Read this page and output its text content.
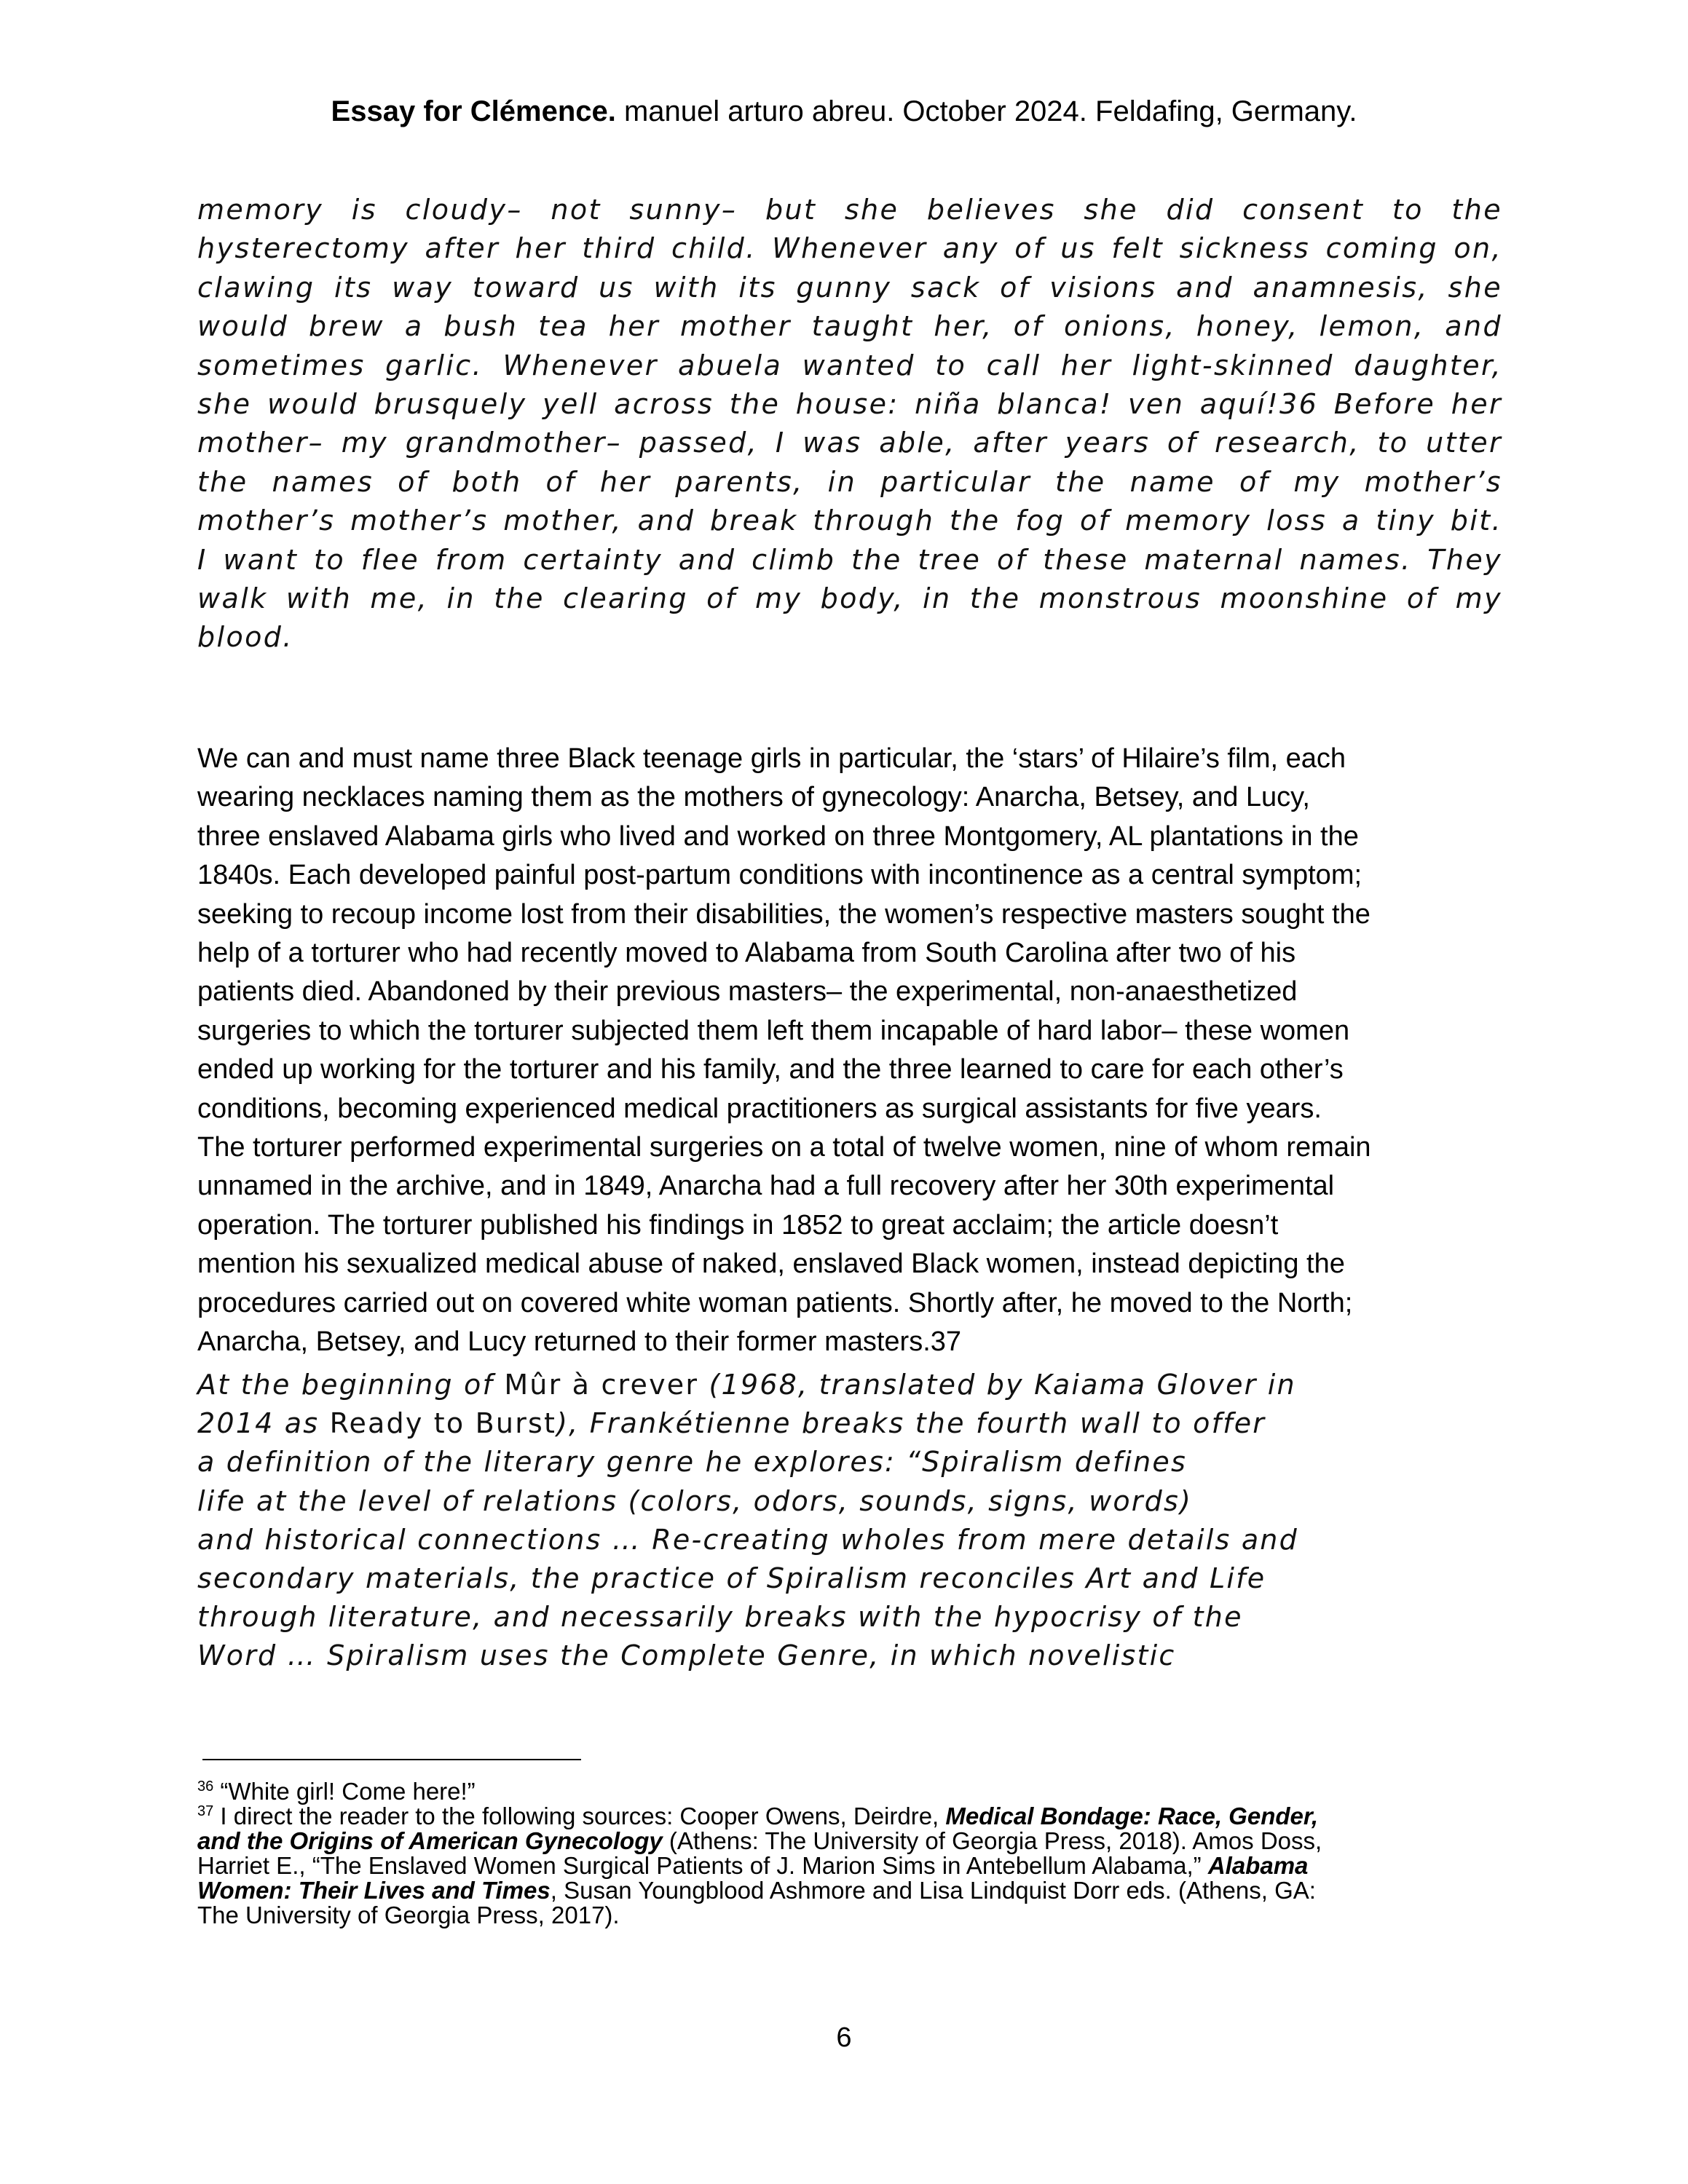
Essay for Clémence. manuel arturo abreu. October 2024. Feldafing, Germany.
memory is cloudy– not sunny– but she believes she did consent to the
hysterectomy after her third child. Whenever any of us felt sickness coming on,
clawing its way toward us with its gunny sack of visions and anamnesis, she
would brew a bush tea her mother taught her, of onions, honey, lemon, and
sometimes garlic. Whenever abuela wanted to call her light-skinned daughter,
she would brusquely yell across the house: niña blanca! ven aquí!36 Before her
mother– my grandmother– passed, I was able, after years of research, to utter
the names of both of her parents, in particular the name of my mother’s
mother’s mother’s mother, and break through the fog of memory loss a tiny bit.
I want to flee from certainty and climb the tree of these maternal names. They
walk with me, in the clearing of my body, in the monstrous moonshine of my
blood.
We can and must name three Black teenage girls in particular, the ‘stars’ of Hilaire’s film, each
wearing necklaces naming them as the mothers of gynecology: Anarcha, Betsey, and Lucy,
three enslaved Alabama girls who lived and worked on three Montgomery, AL plantations in the
1840s. Each developed painful post-partum conditions with incontinence as a central symptom;
seeking to recoup income lost from their disabilities, the women’s respective masters sought the
help of a torturer who had recently moved to Alabama from South Carolina after two of his
patients died. Abandoned by their previous masters– the experimental, non-anaesthetized
surgeries to which the torturer subjected them left them incapable of hard labor– these women
ended up working for the torturer and his family, and the three learned to care for each other’s
conditions, becoming experienced medical practitioners as surgical assistants for five years.
The torturer performed experimental surgeries on a total of twelve women, nine of whom remain
unnamed in the archive, and in 1849, Anarcha had a full recovery after her 30th experimental
operation. The torturer published his findings in 1852 to great acclaim; the article doesn’t
mention his sexualized medical abuse of naked, enslaved Black women, instead depicting the
procedures carried out on covered white woman patients. Shortly after, he moved to the North;
Anarcha, Betsey, and Lucy returned to their former masters.37
At the beginning of Mûr à crever (1968, translated by Kaiama Glover in
2014 as Ready to Burst), Frankétienne breaks the fourth wall to offer
a definition of the literary genre he explores: “Spiralism defines
life at the level of relations (colors, odors, sounds, signs, words)
and historical connections … Re-creating wholes from mere details and
secondary materials, the practice of Spiralism reconciles Art and Life
through literature, and necessarily breaks with the hypocrisy of the
Word … Spiralism uses the Complete Genre, in which novelistic
$^{36}$ “White girl! Come here!”
$^{37}$ I direct the reader to the following sources: Cooper Owens, Deirdre, Medical Bondage: Race, Gender,
and the Origins of American Gynecology (Athens: The University of Georgia Press, 2018). Amos Doss,
Harriet E., “The Enslaved Women Surgical Patients of J. Marion Sims in Antebellum Alabama,” Alabama
Women: Their Lives and Times, Susan Youngblood Ashmore and Lisa Lindquist Dorr eds. (Athens, GA:
The University of Georgia Press, 2017).
6
